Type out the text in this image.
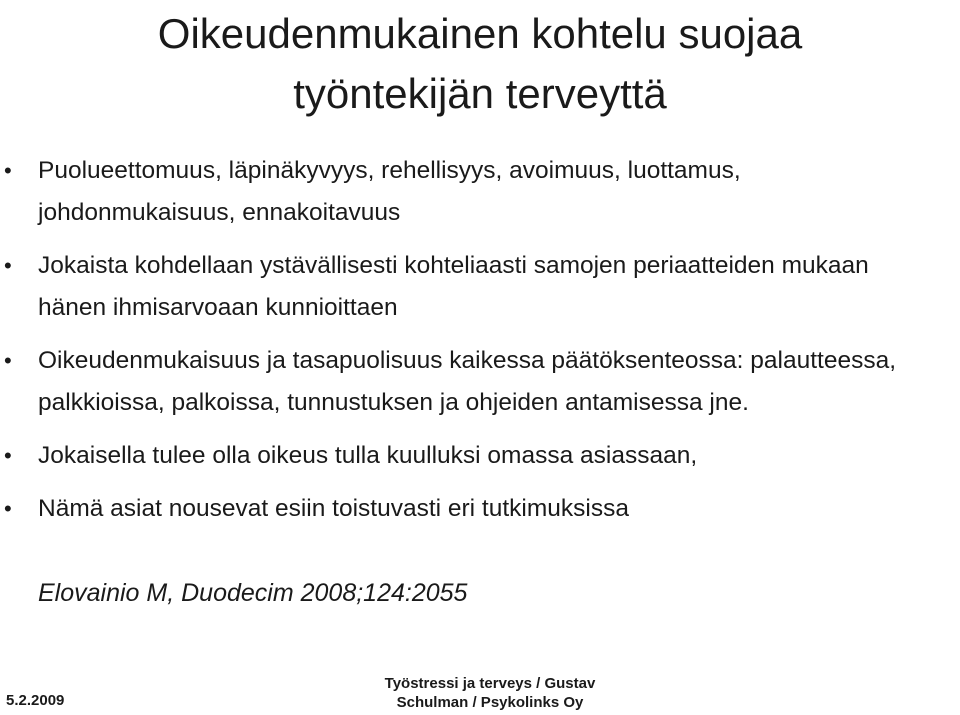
Oikeudenmukainen kohtelu suojaa
työntekijän terveyttä
• Puolueettomuus, läpinäkyvyys, rehellisyys, avoimuus, luottamus, johdonmukaisuus, ennakoitavuus
• Jokaista kohdellaan ystävällisesti kohteliaasti samojen periaatteiden mukaan hänen ihmisarvoaan kunnioittaen
• Oikeudenmukaisuus ja tasapuolisuus kaikessa päätöksenteossa: palautteessa, palkkioissa, palkoissa, tunnustuksen ja ohjeiden antamisessa jne.
• Jokaisella tulee olla oikeus tulla kuulluksi omassa asiassaan,
• Nämä asiat nousevat esiin toistuvasti eri tutkimuksissa
Elovainio M, Duodecim 2008;124:2055
5.2.2009
Työstressi ja terveys / Gustav
Schulman / Psykolinks Oy
